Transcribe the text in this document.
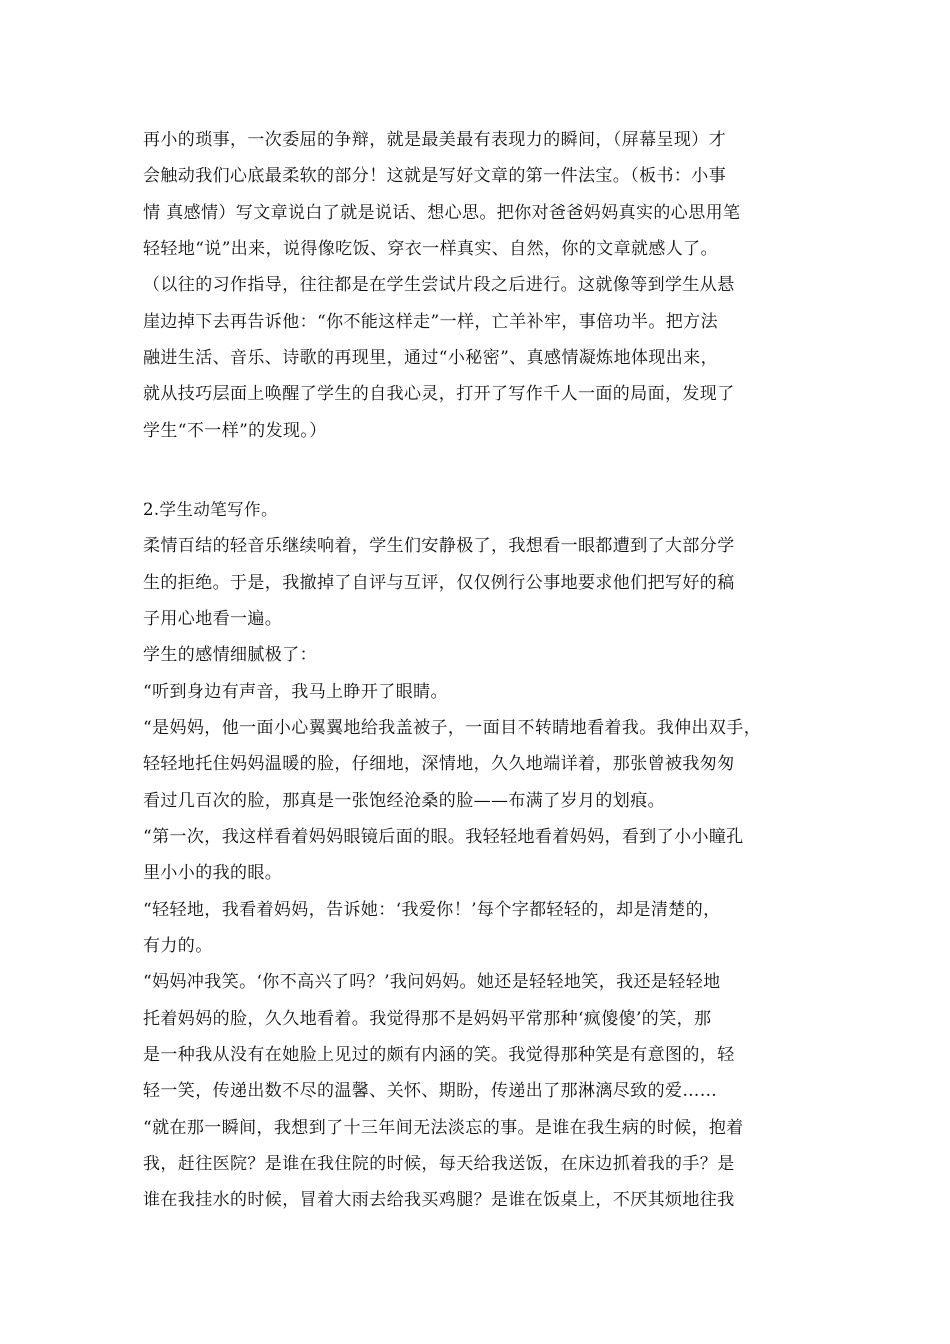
再小的琐事，一次委屈的争辩，就是最美最有表现力的瞬间，（屏幕呈现）才
会触动我们心底最柔软的部分！这就是写好文章的第一件法宝。（板书：小事
情 真感情）写文章说白了就是说话、想心思。把你对爸爸妈妈真实的心思用笔
轻轻地“说”出来，说得像吃饭、穿衣一样真实、自然，你的文章就感人了。
（以往的习作指导，往往都是在学生尝试片段之后进行。这就像等到学生从悬
崖边掉下去再告诉他：“你不能这样走”一样，亡羊补牢，事倍功半。把方法
融进生活、音乐、诗歌的再现里，通过“小秘密”、真感情凝炼地体现出来，
就从技巧层面上唤醒了学生的自我心灵，打开了写作千人一面的局面，发现了
学生“不一样”的发现。）
2.学生动笔写作。
柔情百结的轻音乐继续响着，学生们安静极了，我想看一眼都遭到了大部分学
生的拒绝。于是，我撤掉了自评与互评，仅仅例行公事地要求他们把写好的稿
子用心地看一遍。
学生的感情细腻极了：
“听到身边有声音，我马上睁开了眼睛。
“是妈妈，他一面小心翼翼地给我盖被子，一面目不转睛地看着我。我伸出双手，
轻轻地托住妈妈温暖的脸，仔细地，深情地，久久地端详着，那张曾被我匆匆
看过几百次的脸，那真是一张饱经沧桑的脸——布满了岁月的划痕。
“第一次，我这样看着妈妈眼镜后面的眼。我轻轻地看着妈妈，看到了小小瞳孔
里小小的我的眼。
“轻轻地，我看着妈妈，告诉她：‘我爱你！’每个字都轻轻的，却是清楚的，
有力的。
“妈妈冲我笑。‘你不高兴了吗？’我问妈妈。她还是轻轻地笑，我还是轻轻地
托着妈妈的脸，久久地看着。我觉得那不是妈妈平常那种‘疯傻傻’的笑，那
是一种我从没有在她脸上见过的颇有内涵的笑。我觉得那种笑是有意图的，轻
轻一笑，传递出数不尽的温馨、关怀、期盼，传递出了那淋漓尽致的爱……
“就在那一瞬间，我想到了十三年间无法淡忘的事。是谁在我生病的时候，抱着
我，赶往医院？是谁在我住院的时候，每天给我送饭，在床边抓着我的手？是
谁在我挂水的时候，冒着大雨去给我买鸡腿？是谁在饭桌上，不厌其烦地往我
